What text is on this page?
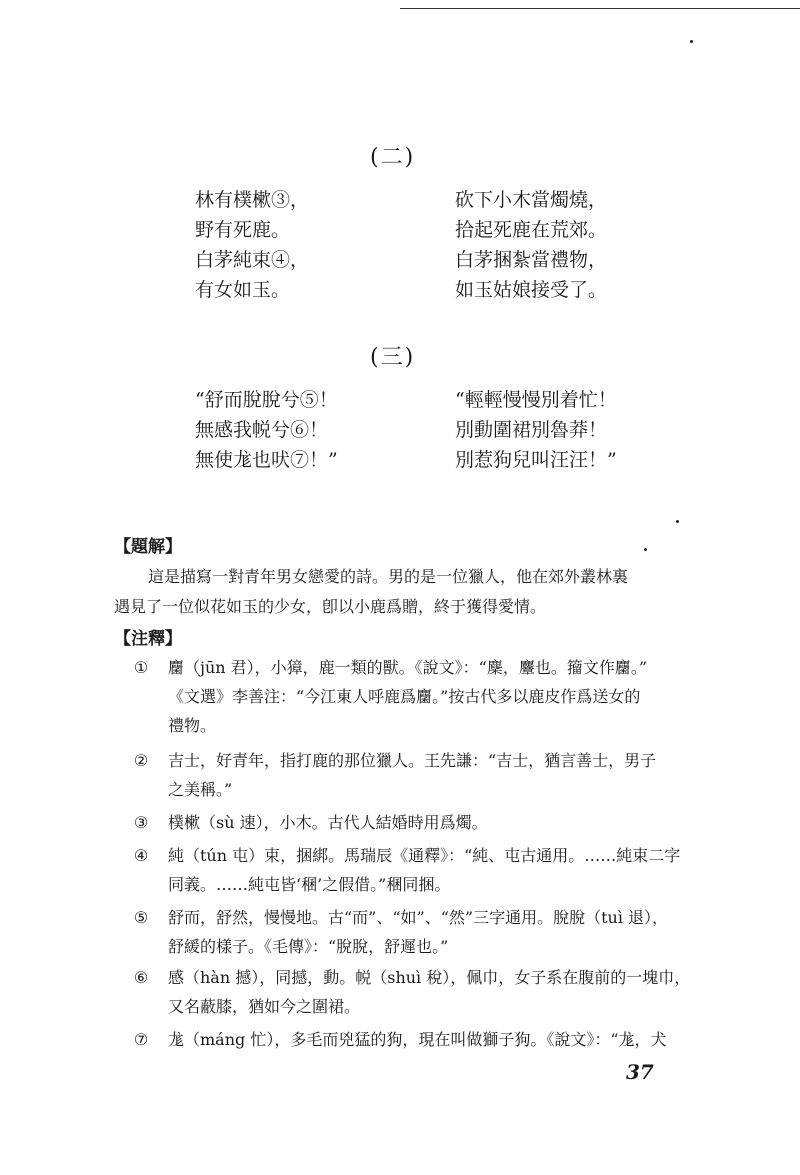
(二)
林有樸樕③，
野有死鹿。
白茅純束④，
有女如玉。
砍下小木當燭燒，
拾起死鹿在荒郊。
白茅捆紮當禮物，
如玉姑娘接受了。
(三)
“舒而脫脫兮⑤！
無感我帨兮⑥！
無使尨也吠⑦！”
“輕輕慢慢別着忙！
別動圍裙別魯莽！
別惹狗兒叫汪汪！”
【題解】
這是描寫一對青年男女戀愛的詩。男的是一位獵人，他在郊外叢林裏
遇見了一位似花如玉的少女，卽以小鹿爲贈，終于獲得愛情。
【注釋】
① 麕（jūn 君），小獐，鹿一類的獸。《說文》：“麇，麞也。籀文作麕。”
《文選》李善注：“今江東人呼鹿爲麕。”按古代多以鹿皮作爲送女的
禮物。
② 吉士，好青年，指打鹿的那位獵人。王先謙：“吉士，猶言善士，男子
之美稱。”
③ 樸樕（sù 速），小木。古代人結婚時用爲燭。
④ 純（tún 屯）束，捆綁。馬瑞辰《通釋》：“純、屯古通用。……純束二字
同義。……純屯皆‘稛’之假借。”稛同捆。
⑤ 舒而，舒然，慢慢地。古“而”、“如”、“然”三字通用。脫脫（tuì 退），
舒緩的樣子。《毛傳》：“脫脫，舒遲也。”
⑥ 感（hàn 撼），同撼，動。帨（shuì 稅），佩巾，女子系在腹前的一塊巾，
又名蔽膝，猶如今之圍裙。
⑦ 尨（máng 忙），多毛而兇猛的狗，現在叫做獅子狗。《說文》：“尨，犬
37
